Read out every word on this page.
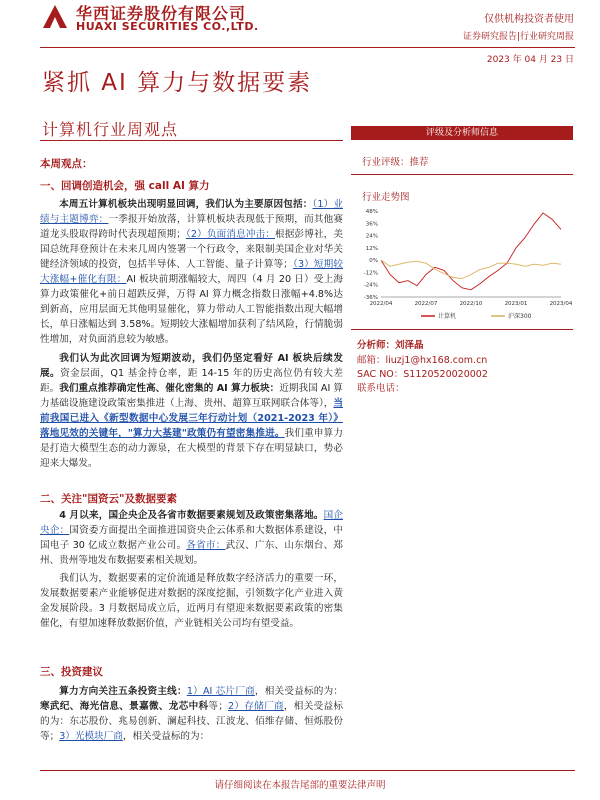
华西证券股份有限公司
HUAXI SECURITIES CO.,LTD.
仅供机构投资者使用
证券研究报告|行业研究周报
2023 年 04 月 23 日
紧抓 AI 算力与数据要素
计算机行业周观点
本周观点：
一、回调创造机会，强 call AI 算力
本周五计算机板块出现明显回调，我们认为主要原因包括：（1）业绩与主题博弈：一季报开始放落，计算机板块表现低于预期，而其他赛道龙头股取得跨时代表现超预期；（2）负面消息冲击：根据彭博社，美国总统拜登预计在未来几周内签署一个行政令，来限制美国企业对华关键经济领域的投资，包括半导体、人工智能、量子计算等；（3）短期较大涨幅+催化有限：AI 板块前期涨幅较大，周四（4 月 20 日）受上海算力政策催化+前日超跌反弹，万得 AI 算力概念指数日涨幅+4.8%达到新高，应用层面无其他明显催化，算力带动人工智能指数出现大幅增长，单日涨幅达到 3.58%。短期较大涨幅增加获利了结风险，行情脆弱性增加，对负面消息较为敏感。
我们认为此次回调为短期波动，我们仍坚定看好 AI 板块后续发展。资金层面，Q1 基金持仓率，距 14-15 年的历史高位仍有较大差距。我们重点推荐确定性高、催化密集的 AI 算力板块：近期我国 AI 算力基础设施建设政策密集推进（上海、贵州、超算互联网联合体等），当前我国已进入《新型数据中心发展三年行动计划（2021-2023 年）》落地见效的关键年，"算力大基建"政策仍有望密集推进。我们重申算力是打造大模型生态的动力源泉，在大模型的背景下存在明显缺口，势必迎来大爆发。
二、关注"国资云"及数据要素
4 月以来，国企央企及各省市数据要素规划及政策密集落地。国企央企：国资委方面提出全面推进国资央企云体系和大数据体系建设，中国电子 30 亿成立数据产业公司。各省市：武汉、广东、山东烟台、郑州、贵州等地发布数据要素相关规划。
我们认为，数据要素的定价流通是释放数字经济活力的重要一环，发展数据要素产业能够促进对数据的深度挖掘，引领数字化产业进入黄金发展阶段。3 月数据局成立后，近两月有望迎来数据要素政策的密集催化，有望加速释放数据价值，产业链相关公司均有望受益。
三、投资建议
算力方向关注五条投资主线：1）AI 芯片厂商，相关受益标的为：寒武纪、海光信息、景嘉微、龙芯中科等；2）存储厂商，相关受益标的为：东芯股份、兆易创新、澜起科技、江波龙、佰维存储、恒烁股份等；3）光模块厂商，相关受益标的为：
评级及分析师信息
行业评级：推荐
行业走势图
48%
36%
24%
12%
0%
-12%
-24%
-36%
2022/04	2022/07	2022/10	2023/01	2023/04
计算机	沪深300
分析师：刘泽晶
邮箱：liuzj1@hx168.com.cn
SAC NO：S1120520020002
联系电话：
请仔细阅读在本报告尾部的重要法律声明
